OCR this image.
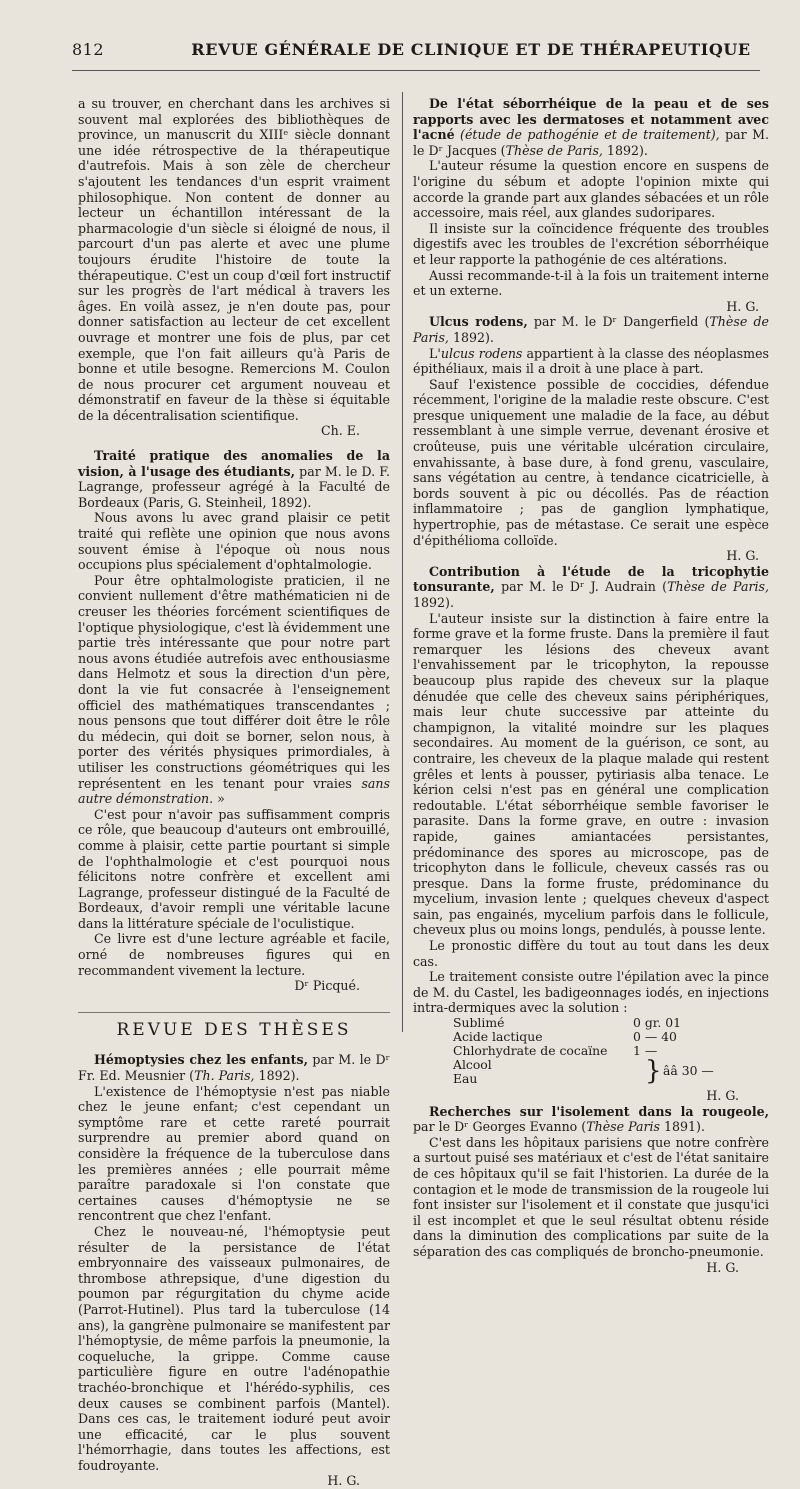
812	REVUE GÉNÉRALE DE CLINIQUE ET DE THÉRAPEUTIQUE

a su trouver, en cherchant dans les archives si souvent mal explorées des bibliothèques de province, un manuscrit du XIIIᵉ siècle donnant une idée rétrospective de la thérapeutique d'autrefois. Mais à son zèle de chercheur s'ajoutent les tendances d'un esprit vraiment philosophique. Non content de donner au lecteur un échantillon intéressant de la pharmacologie d'un siècle si éloigné de nous, il parcourt d'un pas alerte et avec une plume toujours érudite l'histoire de toute la thérapeutique. C'est un coup d'œil fort instructif sur les progrès de l'art médical à travers les âges. En voilà assez, je n'en doute pas, pour donner satisfaction au lecteur de cet excellent ouvrage et montrer une fois de plus, par cet exemple, que l'on fait ailleurs qu'à Paris de bonne et utile besogne. Remercions M. Coulon de nous procurer cet argument nouveau et démonstratif en faveur de la thèse si équitable de la décentralisation scientifique.

Ch. E.

Traité pratique des anomalies de la vision, à l'usage des étudiants, par M. le D. F. Lagrange, professeur agrégé à la Faculté de Bordeaux (Paris, G. Steinheil, 1892).

Nous avons lu avec grand plaisir ce petit traité qui reflète une opinion que nous avons souvent émise à l'époque où nous nous occupions plus spécialement d'ophtalmologie.

Pour être ophtalmologiste praticien, il ne convient nullement d'être mathématicien ni de creuser les théories forcément scientifiques de l'optique physiologique, c'est là évidemment une partie très intéressante que pour notre part nous avons étudiée autrefois avec enthousiasme dans Helmotz et sous la direction d'un père, dont la vie fut consacrée à l'enseignement officiel des mathématiques transcendantes ; nous pensons que tout différer doit être le rôle du médecin, qui doit se borner, selon nous, à porter des vérités physiques primordiales, à utiliser les constructions géométriques qui les représentent en les tenant pour vraies sans autre démonstration. »

C'est pour n'avoir pas suffisamment compris ce rôle, que beaucoup d'auteurs ont embrouillé, comme à plaisir, cette partie pourtant si simple de l'ophthalmologie et c'est pourquoi nous félicitons notre confrère et excellent ami Lagrange, professeur distingué de la Faculté de Bordeaux, d'avoir rempli une véritable lacune dans la littérature spéciale de l'oculistique.

Ce livre est d'une lecture agréable et facile, orné de nombreuses figures qui en recommandent vivement la lecture.

Dʳ Picqué.
REVUE DES THÈSES

Hémoptysies chez les enfants, par M. le Dʳ Fr. Ed. Meusnier (Th. Paris, 1892).

L'existence de l'hémoptysie n'est pas niable chez le jeune enfant; c'est cependant un symptôme rare et cette rareté pourrait surprendre au premier abord quand on considère la fréquence de la tuberculose dans les premières années ; elle pourrait même paraître paradoxale si l'on constate que certaines causes d'hémoptysie ne se rencontrent que chez l'enfant.

Chez le nouveau-né, l'hémoptysie peut résulter de la persistance de l'état embryonnaire des vaisseaux pulmonaires, de thrombose athrepsique, d'une digestion du poumon par régurgitation du chyme acide (Parrot-Hutinel). Plus tard la tuberculose (14 ans), la gangrène pulmonaire se manifestent par l'hémoptysie, de même parfois la pneumonie, la coqueluche, la grippe. Comme cause particulière figure en outre l'adénopathie trachéo-bronchique et l'hérédo-syphilis, ces deux causes se combinent parfois (Mantel). Dans ces cas, le traitement ioduré peut avoir une efficacité, car le plus souvent l'hémorrhagie, dans toutes les affections, est foudroyante.

H. G.

De l'état séborrhéique de la peau et de ses rapports avec les dermatoses et notamment avec l'acné (étude de pathogénie et de traitement), par M. le Dʳ Jacques (Thèse de Paris, 1892).

L'auteur résume la question encore en suspens de l'origine du sébum et adopte l'opinion mixte qui accorde la grande part aux glandes sébacées et un rôle accessoire, mais réel, aux glandes sudoripares.

Il insiste sur la coïncidence fréquente des troubles digestifs avec les troubles de l'excrétion séborrhéique et leur rapporte la pathogénie de ces altérations.

Aussi recommande-t-il à la fois un traitement interne et un externe.

H. G.

Ulcus rodens, par M. le Dʳ Dangerfield (Thèse de Paris, 1892).

L'ulcus rodens appartient à la classe des néoplasmes épithéliaux, mais il a droit à une place à part.

Sauf l'existence possible de coccidies, défendue récemment, l'origine de la maladie reste obscure. C'est presque uniquement une maladie de la face, au début ressemblant à une simple verrue, devenant érosive et croûteuse, puis une véritable ulcération circulaire, envahissante, à base dure, à fond grenu, vasculaire, sans végétation au centre, à tendance cicatricielle, à bords souvent à pic ou décollés. Pas de réaction inflammatoire ; pas de ganglion lymphatique, hypertrophie, pas de métastase. Ce serait une espèce d'épithélioma colloïde.

H. G.

Contribution à l'étude de la tricophytie tonsurante, par M. le Dʳ J. Audrain (Thèse de Paris, 1892).

L'auteur insiste sur la distinction à faire entre la forme grave et la forme fruste. Dans la première il faut remarquer les lésions des cheveux avant l'envahissement par le tricophyton, la repousse beaucoup plus rapide des cheveux sur la plaque dénudée que celle des cheveux sains périphériques, mais leur chute successive par atteinte du champignon, la vitalité moindre sur les plaques secondaires. Au moment de la guérison, ce sont, au contraire, les cheveux de la plaque malade qui restent grêles et lents à pousser, pytiriasis alba tenace. Le kérion celsi n'est pas en général une complication redoutable. L'état séborrhéique semble favoriser le parasite. Dans la forme grave, en outre : invasion rapide, gaines amiantacées persistantes, prédominance des spores au microscope, pas de tricophyton dans le follicule, cheveux cassés ras ou presque. Dans la forme fruste, prédominance du mycelium, invasion lente ; quelques cheveux d'aspect sain, pas engainés, mycelium parfois dans le follicule, cheveux plus ou moins longs, pendulés, à pousse lente.

Le pronostic diffère du tout au tout dans les deux cas.

Le traitement consiste outre l'épilation avec la pince de M. du Castel, les badigeonnages iodés, en injections intra-dermiques avec la solution :

Sublimé	0 gr. 01
Acide lactique	0 — 40
Chlorhydrate de cocaïne	1 —
Alcool
Eau	} ââ 30 —
H. G.

Recherches sur l'isolement dans la rougeole, par le Dʳ Georges Evanno (Thèse Paris 1891).

C'est dans les hôpitaux parisiens que notre confrère a surtout puisé ses matériaux et c'est de l'état sanitaire de ces hôpitaux qu'il se fait l'historien. La durée de la contagion et le mode de transmission de la rougeole lui font insister sur l'isolement et il constate que jusqu'ici il est incomplet et que le seul résultat obtenu réside dans la diminution des complications par suite de la séparation des cas compliqués de broncho-pneumonie.

H. G.
